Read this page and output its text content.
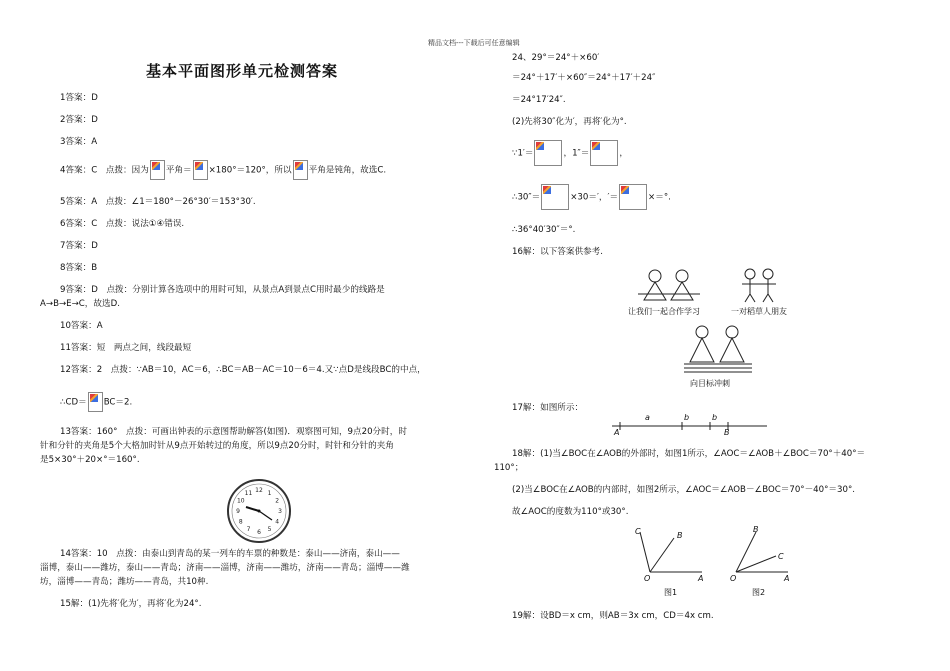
精品文档---下载后可任意编辑
基本平面图形单元检测答案
1答案：D
2答案：D
3答案：A
4答案：C　点拨：因为 平角＝ ×180°＝120°，所以 平角是钝角，故选C.
5答案：A　点拨：∠1＝180°－26°30′＝153°30′.
6答案：C　点拨：说法①④错误.
7答案：D
8答案：B
9答案：D　点拨：分别计算各选项中的用时可知，从景点A到景点C用时最少的线路是
A→B→E→C，故选D.
10答案：A
11答案：短　两点之间，线段最短
12答案：2　点拨：∵AB＝10，AC＝6，∴BC＝AB－AC＝10－6＝4.又∵点D是线段BC的中点，
∴CD＝ BC＝2.
13答案：160°　点拨：可画出钟表的示意图帮助解答(如图)．观察图可知，9点20分时，时
针和分针的夹角是5个大格加时针从9点开始转过的角度，所以9点20分时，时针和分针的夹角
是5×30°＋20×°＝160°.
12 1
2
3
4
5
6
7
8
9
10
11
14答案：10　点拨：由泰山到青岛的某一列车的车票的种数是：泰山——济南，泰山——
淄博，泰山——潍坊，泰山——青岛；济南——淄博，济南——潍坊，济南——青岛；淄博——潍
坊，淄博——青岛；潍坊——青岛，共10种.
15解：(1)先将′化为′，再将′化为24°.
24、29°＝24°＋×60′
＝24°＋17′＋×60″＝24°＋17′＋24″
＝24°17′24″.
(2)先将30″化为′，再将′化为°.
∵1′＝	，1″＝	，
∴30″＝	×30＝′，′＝	×＝°.
∴36°40′30″＝°.
16解：以下答案供参考.
让我们一起合作学习	一对稻草人朋友
向目标冲刺
17解：如图所示：
a	b	b
A	B
18解：(1)当∠BOC在∠AOB的外部时，如图1所示，∠AOC＝∠AOB＋∠BOC＝70°＋40°＝
110°；
(2)当∠BOC在∠AOB的内部时，如图2所示，∠AOC＝∠AOB－∠BOC＝70°－40°＝30°.
故∠AOC的度数为110°或30°.
C	B
O	A
图1
B
C
O	A
图2
19解：设BD＝x cm，则AB＝3x cm，CD＝4x cm.
